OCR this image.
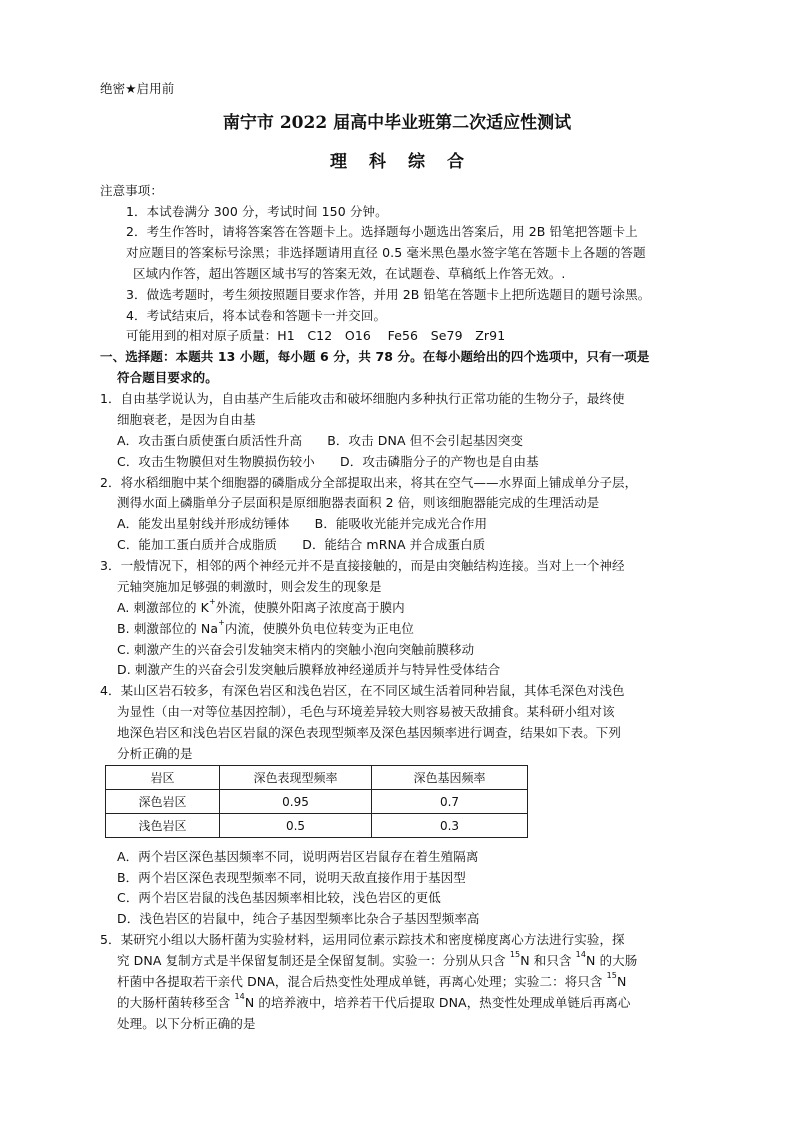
绝密★启用前
南宁市 2022 届高中毕业班第二次适应性测试
理科综合
注意事项：
1．本试卷满分 300 分，考试时间 150 分钟。
2．考生作答时，请将答案答在答题卡上。选择题每小题选出答案后，用 2B 铅笔把答题卡上
对应题目的答案标号涂黑；非选择题请用直径 0.5 毫米黑色墨水签字笔在答题卡上各题的答题
区域内作答，超出答题区域书写的答案无效，在试题卷、草稿纸上作答无效。.
3．做选考题时，考生须按照题目要求作答，并用 2B 铅笔在答题卡上把所选题目的题号涂黑。
4．考试结束后，将本试卷和答题卡一并交回。
可能用到的相对原子质量：H1　C12　O16　 Fe56　Se79　Zr91
一、选择题：本题共 13 小题，每小题 6 分，共 78 分。在每小题给出的四个选项中，只有一项是
符合题目要求的。
1．自由基学说认为，自由基产生后能攻击和破坏细胞内多种执行正常功能的生物分子，最终使
细胞衰老，是因为自由基
A．攻击蛋白质使蛋白质活性升高　　B．攻击 DNA 但不会引起基因突变
C．攻击生物膜但对生物膜损伤较小　　D．攻击磷脂分子的产物也是自由基
2．将水稻细胞中某个细胞器的磷脂成分全部提取出来，将其在空气——水界面上铺成单分子层，
测得水面上磷脂单分子层面积是原细胞器表面积 2 倍，则该细胞器能完成的生理活动是
A．能发出星射线并形成纺锤体　　B．能吸收光能并完成光合作用
C．能加工蛋白质并合成脂质　　D．能结合 mRNA 并合成蛋白质
3．一般情况下，相邻的两个神经元并不是直接接触的，而是由突触结构连接。当对上一个神经
元轴突施加足够强的刺激时，则会发生的现象是
A. 刺激部位的 K+外流，使膜外阳离子浓度高于膜内
B. 刺激部位的 Na+内流，使膜外负电位转变为正电位
C. 刺激产生的兴奋会引发轴突末梢内的突触小泡向突触前膜移动
D. 刺激产生的兴奋会引发突触后膜释放神经递质并与特异性受体结合
4．某山区岩石较多，有深色岩区和浅色岩区，在不同区域生活着同种岩鼠，其体毛深色对浅色
为显性（由一对等位基因控制），毛色与环境差异较大则容易被天敌捕食。某科研小组对该
地深色岩区和浅色岩区岩鼠的深色表现型频率及深色基因频率进行调查，结果如下表。下列
分析正确的是
岩区	深色表现型频率	深色基因频率
深色岩区	0.95	0.7
浅色岩区	0.5	0.3
A．两个岩区深色基因频率不同，说明两岩区岩鼠存在着生殖隔离
B．两个岩区深色表现型频率不同，说明天敌直接作用于基因型
C．两个岩区岩鼠的浅色基因频率相比较，浅色岩区的更低
D．浅色岩区的岩鼠中，纯合子基因型频率比杂合子基因型频率高
5．某研究小组以大肠杆菌为实验材料，运用同位素示踪技术和密度梯度离心方法进行实验，探
究 DNA 复制方式是半保留复制还是全保留复制。实验一：分别从只含 $^{15}$N 和只含 $^{14}$N 的大肠
杆菌中各提取若干亲代 DNA，混合后热变性处理成单链，再离心处理；实验二：将只含 $^{15}$N
的大肠杆菌转移至含 $^{14}$N 的培养液中，培养若干代后提取 DNA，热变性处理成单链后再离心
处理。以下分析正确的是
